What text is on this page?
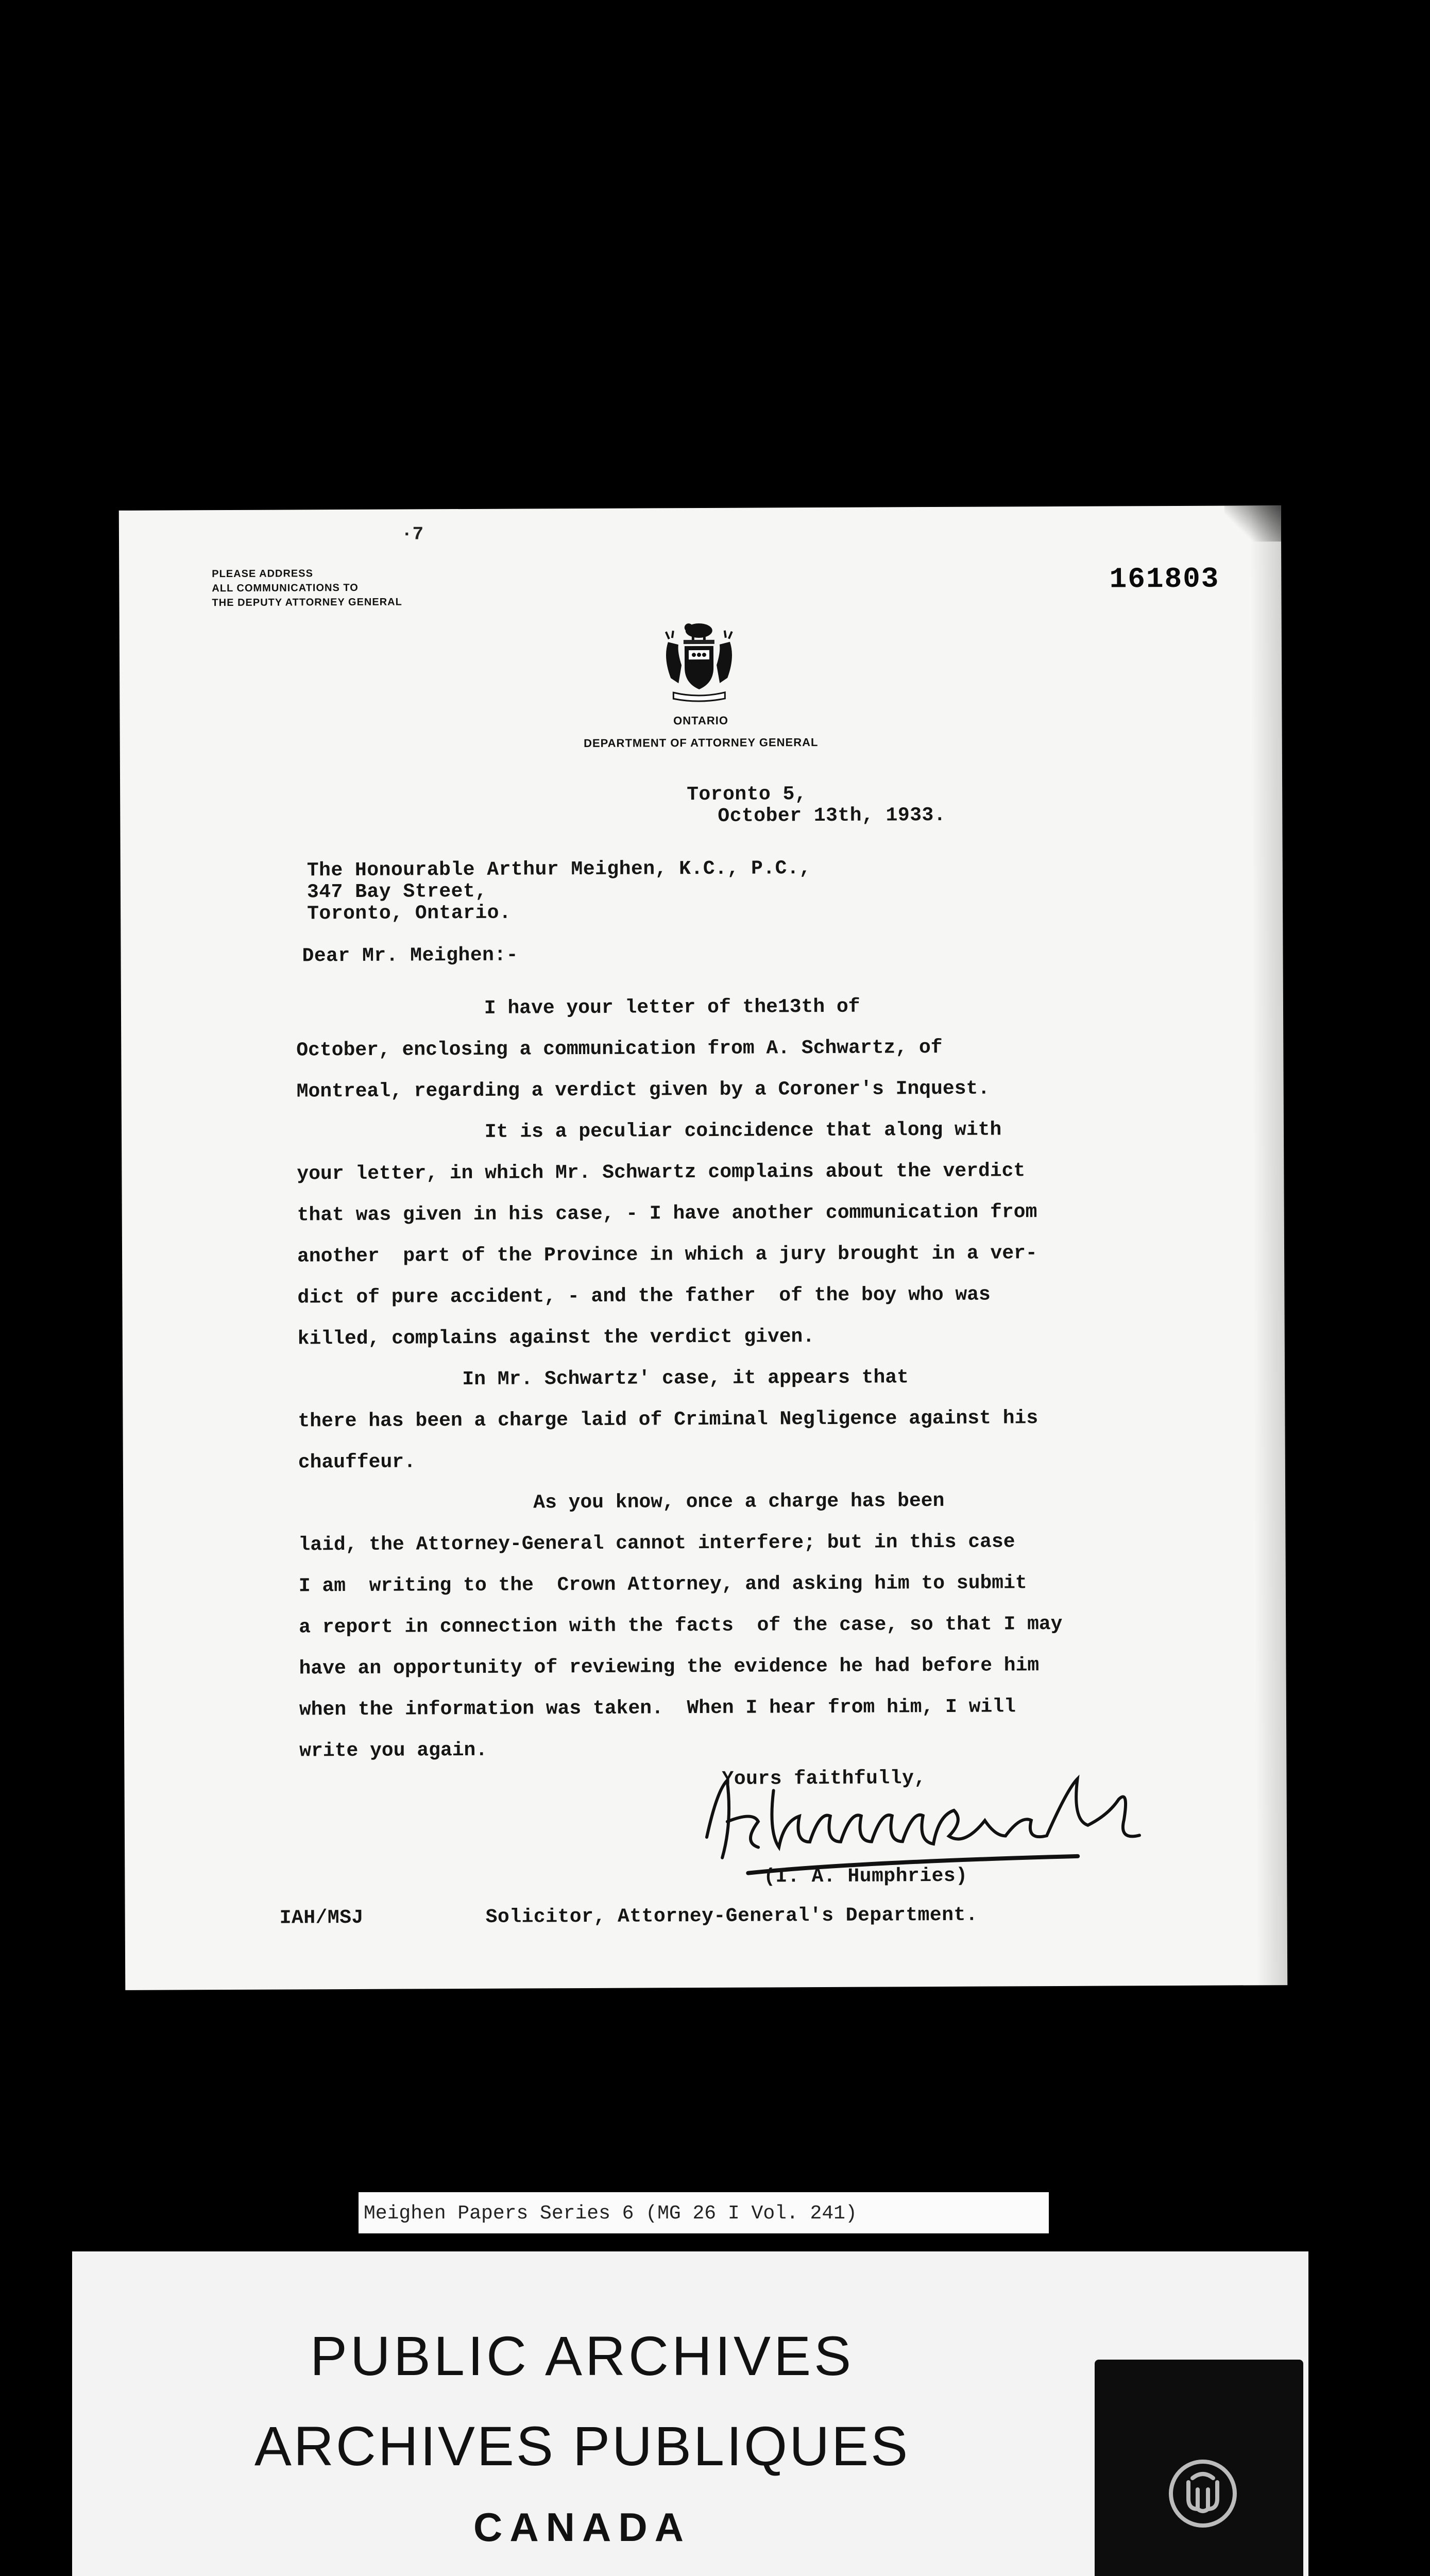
·7
PLEASE ADDRESS
ALL COMMUNICATIONS TO
THE DEPUTY ATTORNEY GENERAL
161803
ONTARIO
DEPARTMENT OF ATTORNEY GENERAL
Toronto 5,
October 13th, 1933.
The Honourable Arthur Meighen, K.C., P.C.,
347 Bay Street,
Toronto, Ontario.
Dear Mr. Meighen:-

I have your letter of the13th of

October, enclosing a communication from A. Schwartz, of

Montreal, regarding a verdict given by a Coroner's Inquest.

It is a peculiar coincidence that along with

your letter, in which Mr. Schwartz complains about the verdict

that was given in his case, - I have another communication from

another  part of the Province in which a jury brought in a ver-

dict of pure accident, - and the father  of the boy who was

killed, complains against the verdict given.

In Mr. Schwartz' case, it appears that

there has been a charge laid of Criminal Negligence against his

chauffeur.

As you know, once a charge has been

laid, the Attorney-General cannot interfere; but in this case

I am  writing to the  Crown Attorney, and asking him to submit

a report in connection with the facts  of the case, so that I may

have an opportunity of reviewing the evidence he had before him

when the information was taken.  When I hear from him, I will

write you again.

Yours faithfully,
(I. A. Humphries)
IAH/MSJ	Solicitor, Attorney-General's Department.
Meighen Papers Series 6 (MG 26 I Vol. 241)
PUBLIC ARCHIVES
ARCHIVES PUBLIQUES
CANADA
